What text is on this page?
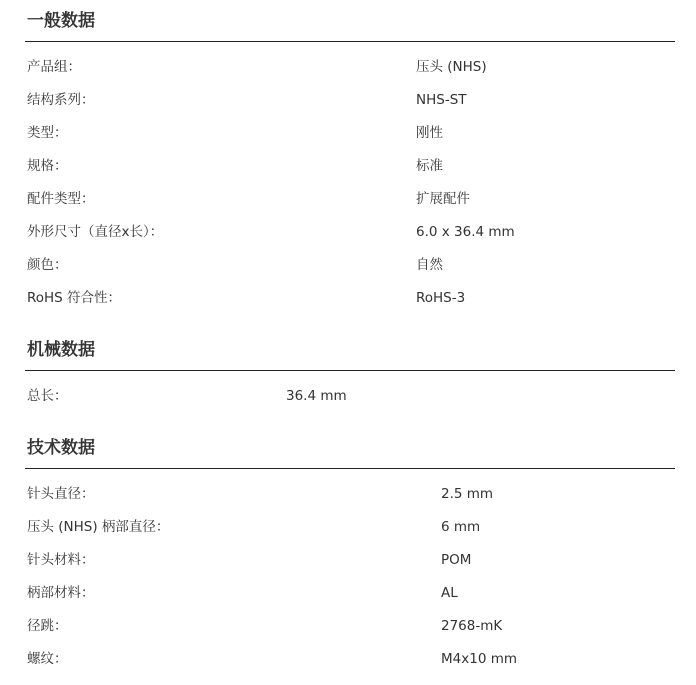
一般数据
产品组：	压头 (NHS)
结构系列：	NHS-ST
类型：	刚性
规格：	标准
配件类型：	扩展配件
外形尺寸（直径x长）：	6.0 x 36.4 mm
颜色：	自然
RoHS 符合性：	RoHS-3
机械数据
总长：	36.4 mm
技术数据
针头直径：	2.5 mm
压头 (NHS) 柄部直径：	6 mm
针头材料：	POM
柄部材料：	AL
径跳：	2768-mK
螺纹：	M4x10 mm
